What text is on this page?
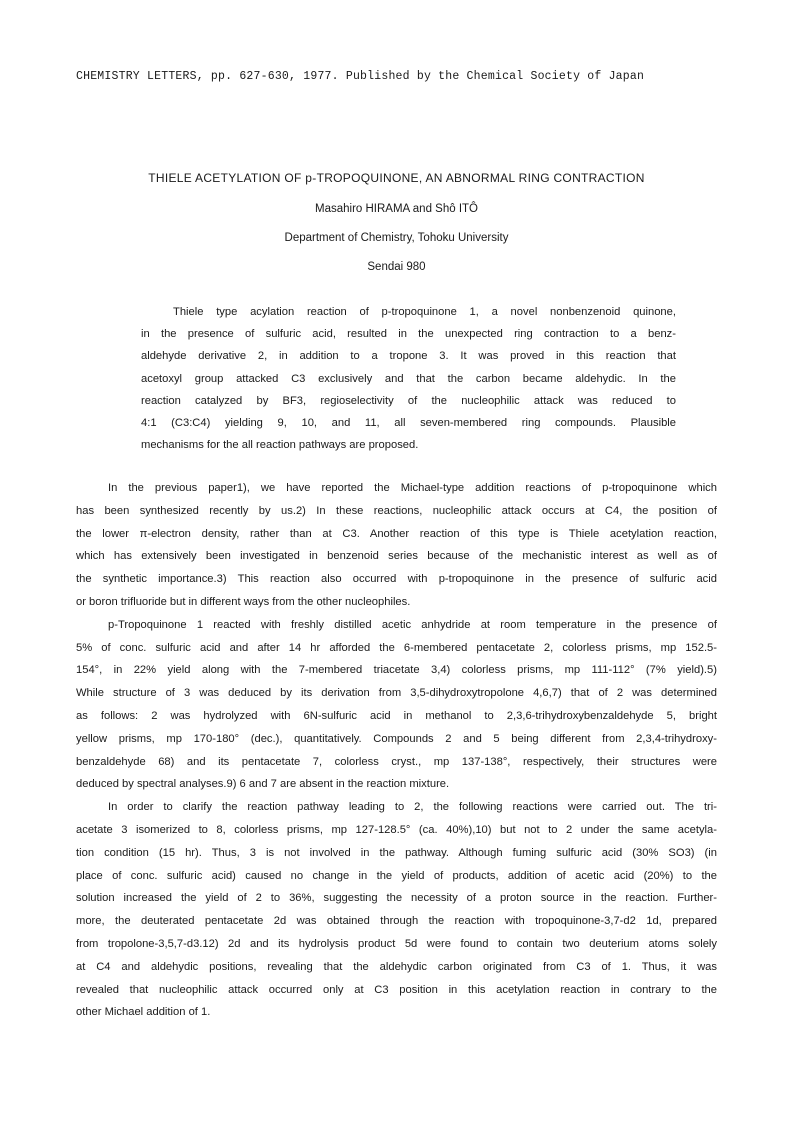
CHEMISTRY LETTERS, pp. 627-630, 1977. Published by the Chemical Society of Japan
THIELE ACETYLATION OF p-TROPOQUINONE, AN ABNORMAL RING CONTRACTION
Masahiro HIRAMA and Shô ITÔ
Department of Chemistry, Tohoku University
Sendai 980
Thiele type acylation reaction of p-tropoquinone 1, a novel nonbenzenoid quinone,
in the presence of sulfuric acid, resulted in the unexpected ring contraction to a benz-
aldehyde derivative 2, in addition to a tropone 3. It was proved in this reaction that
acetoxyl group attacked C3 exclusively and that the carbon became aldehydic. In the
reaction catalyzed by BF3, regioselectivity of the nucleophilic attack was reduced to
4:1 (C3:C4) yielding 9, 10, and 11, all seven-membered ring compounds. Plausible
mechanisms for the all reaction pathways are proposed.
In the previous paper1), we have reported the Michael-type addition reactions of p-tropoquinone which
has been synthesized recently by us.2) In these reactions, nucleophilic attack occurs at C4, the position of
the lower π-electron density, rather than at C3. Another reaction of this type is Thiele acetylation reaction,
which has extensively been investigated in benzenoid series because of the mechanistic interest as well as of
the synthetic importance.3) This reaction also occurred with p-tropoquinone in the presence of sulfuric acid
or boron trifluoride but in different ways from the other nucleophiles.
p-Tropoquinone 1 reacted with freshly distilled acetic anhydride at room temperature in the presence of
5% of conc. sulfuric acid and after 14 hr afforded the 6-membered pentacetate 2, colorless prisms, mp 152.5-
154°, in 22% yield along with the 7-membered triacetate 3,4) colorless prisms, mp 111-112° (7% yield).5)
While structure of 3 was deduced by its derivation from 3,5-dihydroxytropolone 4,6,7) that of 2 was determined
as follows: 2 was hydrolyzed with 6N-sulfuric acid in methanol to 2,3,6-trihydroxybenzaldehyde 5, bright
yellow prisms, mp 170-180° (dec.), quantitatively. Compounds 2 and 5 being different from 2,3,4-trihydroxy-
benzaldehyde 68) and its pentacetate 7, colorless cryst., mp 137-138°, respectively, their structures were
deduced by spectral analyses.9) 6 and 7 are absent in the reaction mixture.
In order to clarify the reaction pathway leading to 2, the following reactions were carried out. The tri-
acetate 3 isomerized to 8, colorless prisms, mp 127-128.5° (ca. 40%),10) but not to 2 under the same acetyla-
tion condition (15 hr). Thus, 3 is not involved in the pathway. Although fuming sulfuric acid (30% SO3) (in
place of conc. sulfuric acid) caused no change in the yield of products, addition of acetic acid (20%) to the
solution increased the yield of 2 to 36%, suggesting the necessity of a proton source in the reaction. Further-
more, the deuterated pentacetate 2d was obtained through the reaction with tropoquinone-3,7-d2 1d, prepared
from tropolone-3,5,7-d3.12) 2d and its hydrolysis product 5d were found to contain two deuterium atoms solely
at C4 and aldehydic positions, revealing that the aldehydic carbon originated from C3 of 1. Thus, it was
revealed that nucleophilic attack occurred only at C3 position in this acetylation reaction in contrary to the
other Michael addition of 1.
